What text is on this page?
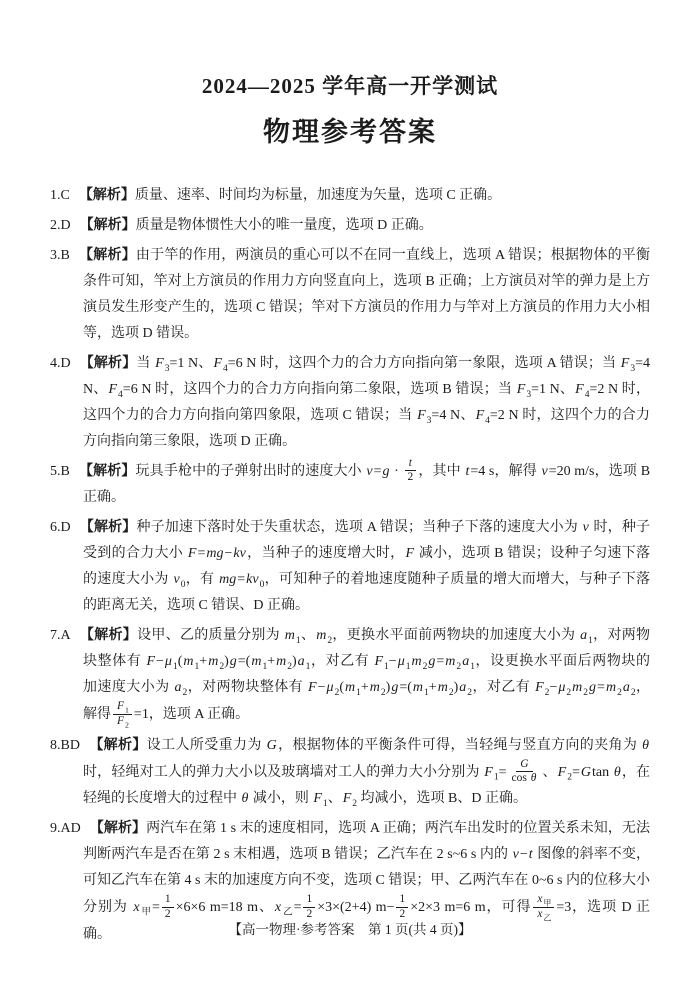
2024—2025 学年高一开学测试
物理参考答案

1.C 【解析】质量、速率、时间均为标量，加速度为矢量，选项 C 正确。

2.D 【解析】质量是物体惯性大小的唯一量度，选项 D 正确。

3.B 【解析】由于竿的作用，两演员的重心可以不在同一直线上，选项 A 错误；根据物体的平衡条件可知，竿对上方演员的作用力方向竖直向上，选项 B 正确；上方演员对竿的弹力是上方演员发生形变产生的，选项 C 错误；竿对下方演员的作用力与竿对上方演员的作用力大小相等，选项 D 错误。

4.D 【解析】当 $F_3=1$ N、$F_4=6$ N 时，这四个力的合力方向指向第一象限，选项 A 错误；当 $F_3=4$ N、$F_4=6$ N 时，这四个力的合力方向指向第二象限，选项 B 错误；当 $F_3=1$ N、$F_4=2$ N 时，这四个力的合力方向指向第四象限，选项 C 错误；当 $F_3=4$ N、$F_4=2$ N 时，这四个力的合力方向指向第三象限，选项 D 正确。

5.B 【解析】玩具手枪中的子弹射出时的速度大小 $v=g \cdot \frac{t}{2}$ ，其中 t=4 s，解得 v=20 m/s，选项 B 正确。

6.D 【解析】种子加速下落时处于失重状态，选项 A 错误；当种子下落的速度大小为 v 时，种子受到的合力大小 F=mg−kv，当种子的速度增大时，F 减小，选项 B 错误；设种子匀速下落的速度大小为 $v_0$，有 $mg=kv_0$，可知种子的着地速度随种子质量的增大而增大，与种子下落的距离无关，选项 C 错误、D 正确。

7.A 【解析】设甲、乙的质量分别为 $m_1$、$m_2$，更换水平面前两物块的加速度大小为 $a_1$，对两物块整体有 $F-\mu_1(m_1+m_2)g=(m_1+m_2)a_1$，对乙有 $F_1-\mu_1m_2g=m_2a_1$，设更换水平面后两物块的加速度大小为 $a_2$，对两物块整体有 $F-\mu_2(m_1+m_2)g=(m_1+m_2)a_2$，对乙有 $F_2-\mu_2m_2g=m_2a_2$，解得 $\frac{F_1}{F_2} =1$，选项 A 正确。

8.BD 【解析】设工人所受重力为 G，根据物体的平衡条件可得，当轻绳与竖直方向的夹角为 θ 时，轻绳对工人的弹力大小以及玻璃墙对工人的弹力大小分别为 $F_1= \frac{G}{\text{cos θ}}$ 、$F_2=Gtan$ θ，在轻绳的长度增大的过程中 θ 减小，则 $F_1$、$F_2$ 均减小，选项 B、D 正确。

9.AD 【解析】两汽车在第 1 s 末的速度相同，选项 A 正确；两汽车出发时的位置关系未知，无法判断两汽车是否在第 2 s 末相遇，选项 B 错误；乙汽车在 2 s~6 s 内的 v−t 图像的斜率不变，可知乙汽车在第 4 s 末的加速度方向不变，选项 C 错误；甲、乙两汽车在 0~6 s 内的位移大小分别为 $x_甲= \frac{1}{2} \times 6\times 6$ m=18 m、$x_乙= \frac{1}{2} \times 3\times(2+4)$ $m- \frac{1}{2} \times 2\times 3$ m=6 m，可得 $\frac{x_甲}{x_乙} =3$，选项 D 正确。	【高一物理·参考答案　第 1 页(共 4 页)】
